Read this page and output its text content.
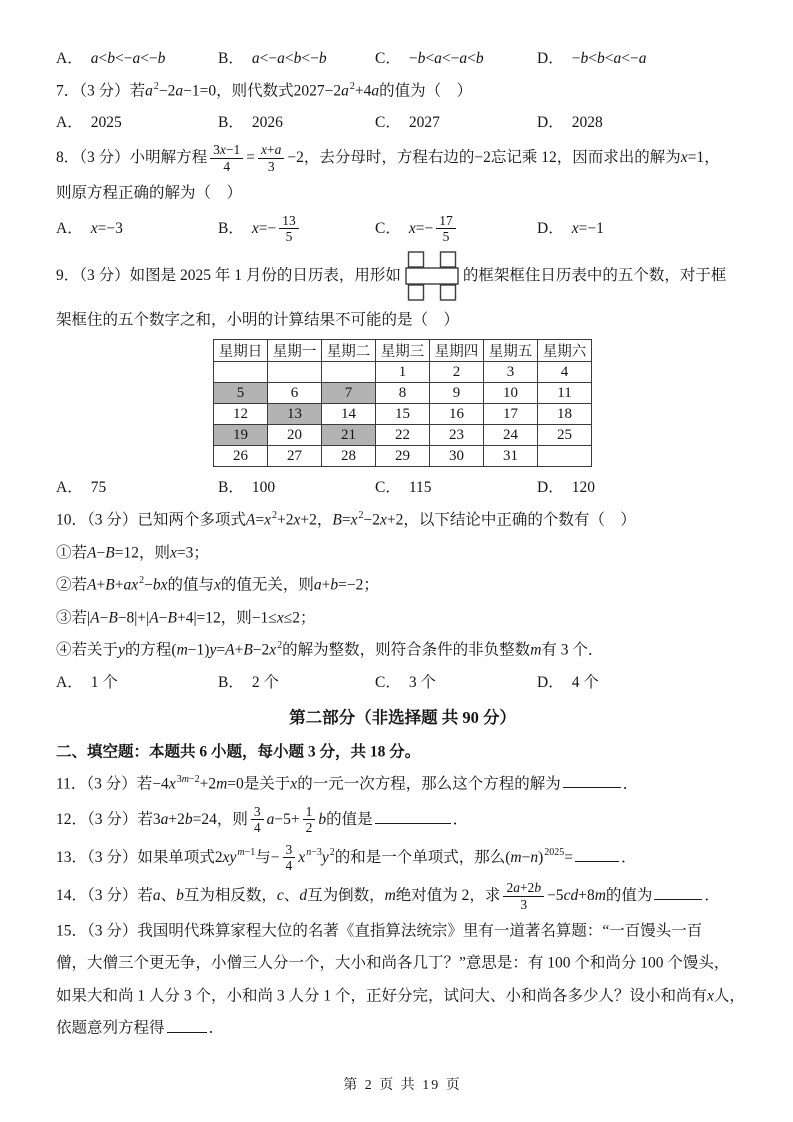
A． a<b<−a<−b	B． a<−a<b<−b	C． −b<a<−a<b	D． −b<b<a<−a
7．（3 分）若$a^2-2a-1=0$，则代数式$2027-2a^2+4a$的值为（　）
A． 2025	B． 2026	C． 2027	D． 2028
8．（3 分）小明解方程 $\frac{3x-1}{4} = \frac{x+a}{3} -2$，去分母时，方程右边的−2忘记乘 12，因而求出的解为x=1，
则原方程正确的解为（　）
A． x=−3	B． $x=- \frac{13}{5}$	C． $x=- \frac{17}{5}$	D． x=−1
9．（3 分）如图是 2025 年 1 月份的日历表，用形如	的框架框住日历表中的五个数，对于框
架框住的五个数字之和，小明的计算结果不可能的是（　）
星期日	星期一	星期二	星期三	星期四	星期五	星期六
			1	2	3	4
5	6	7	8	9	10	11
12	13	14	15	16	17	18
19	20	21	22	23	24	25
26	27	28	29	30	31	
A． 75	B． 100	C． 115	D． 120
10．（3 分）已知两个多项式$A=x^2+2x+2$，$B=x^2-2x+2$，以下结论中正确的个数有（　）
①若A−B=12，则x=3；
②若$A+B+ax^2-bx$的值与x的值无关，则a+b=−2；
③若|A−B−8|+|A−B+4|=12，则−1≤x≤2；
④若关于y的方程$(m-1)y=A+B-2x^2$的解为整数，则符合条件的非负整数m有 3 个．
A． 1 个	B． 2 个	C． 3 个	D． 4 个
第二部分（非选择题 共 90 分）
二、填空题：本题共 6 小题，每小题 3 分，共 18 分。
11．（3 分）若$-4x^{3m-2}+2m=0$是关于x的一元一次方程，那么这个方程的解为	．
12．（3 分）若3a+2b=24，则 $\frac{3}{4} a-5+ \frac{1}{2}$ b的值是	．
13．（3 分）如果单项式$2xy^{m-1}$与− $\frac{3}{4} x^{n-3}y^2$的和是一个单项式，那么$(m-n)^{2025}=$	．
14．（3 分）若a、b互为相反数，c、d互为倒数，m绝对值为 2，求 $\frac{2a+2b}{3} -5cd+8m$的值为	．
15．（3 分）我国明代珠算家程大位的名著《直指算法统宗》里有一道著名算题：“一百馒头一百
僧，大僧三个更无争，小僧三人分一个，大小和尚各几丁？”意思是：有 100 个和尚分 100 个馒头，
如果大和尚 1 人分 3 个，小和尚 3 人分 1 个，正好分完，试问大、小和尚各多少人？设小和尚有x人，
依题意列方程得	．
第 2 页 共 19 页
